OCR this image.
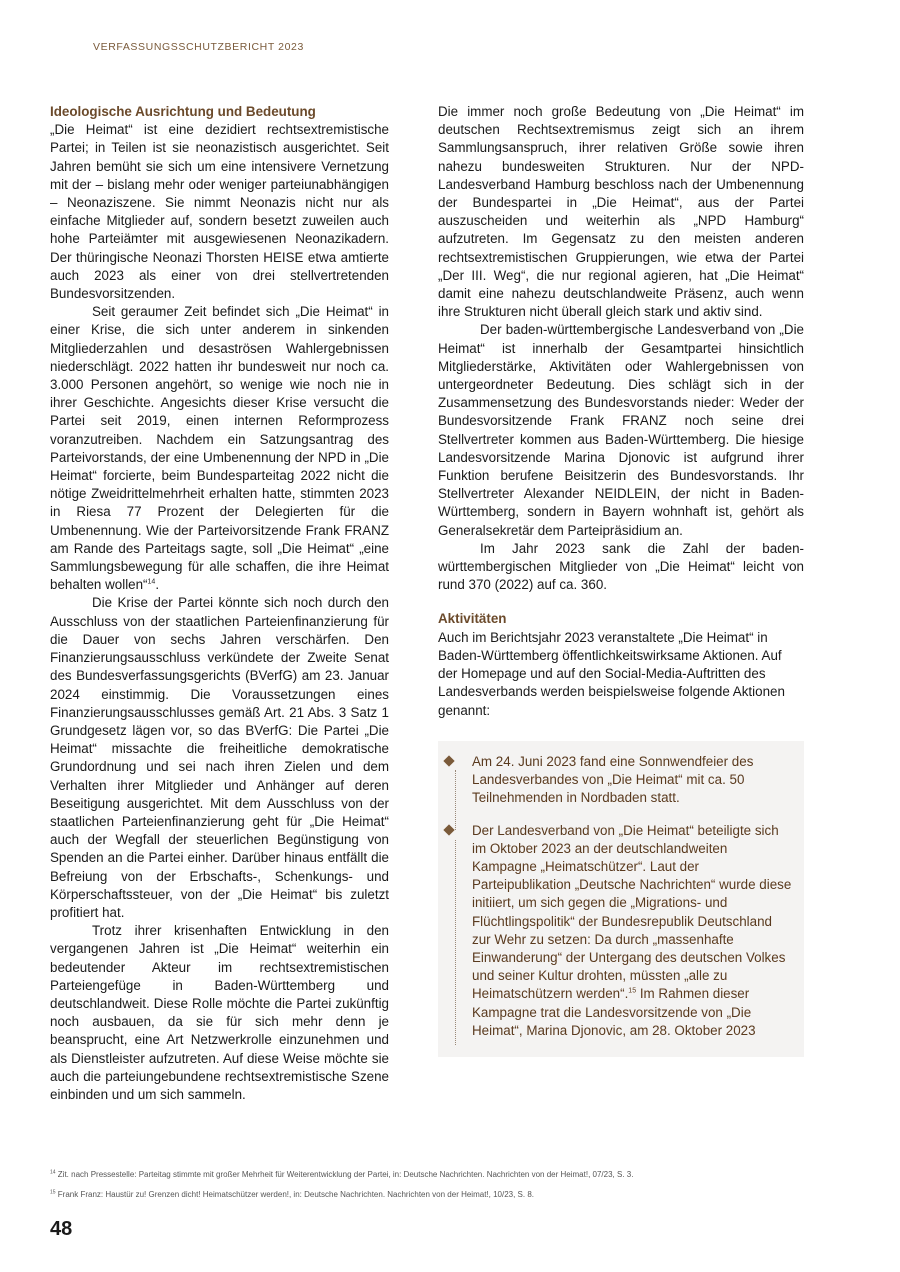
VERFASSUNGSSCHUTZBERICHT 2023

Ideologische Ausrichtung und Bedeutung

„Die Heimat“ ist eine dezidiert rechtsextremistische Partei; in Teilen ist sie neonazistisch ausgerichtet. Seit Jahren bemüht sie sich um eine intensivere Vernetzung mit der – bislang mehr oder weniger parteiunabhängigen – Neonaziszene. Sie nimmt Neonazis nicht nur als einfache Mitglieder auf, sondern besetzt zuweilen auch hohe Parteiämter mit ausgewiesenen Neonazikadern. Der thüringische Neonazi Thorsten HEISE etwa amtierte auch 2023 als einer von drei stellvertretenden Bundesvorsitzenden.

Seit geraumer Zeit befindet sich „Die Heimat“ in einer Krise, die sich unter anderem in sinkenden Mitgliederzahlen und desaströsen Wahlergebnissen niederschlägt. 2022 hatten ihr bundesweit nur noch ca. 3.000 Personen angehört, so wenige wie noch nie in ihrer Geschichte. Angesichts dieser Krise versucht die Partei seit 2019, einen internen Reformprozess voranzutreiben. Nachdem ein Satzungsantrag des Parteivorstands, der eine Umbenennung der NPD in „Die Heimat“ forcierte, beim Bundesparteitag 2022 nicht die nötige Zweidrittelmehrheit erhalten hatte, stimmten 2023 in Riesa 77 Prozent der Delegierten für die Umbenennung. Wie der Parteivorsitzende Frank FRANZ am Rande des Parteitags sagte, soll „Die Heimat“ „eine Sammlungsbewegung für alle schaffen, die ihre Heimat behalten wollen“$^{14}$.

Die Krise der Partei könnte sich noch durch den Ausschluss von der staatlichen Parteienfinanzierung für die Dauer von sechs Jahren verschärfen. Den Finanzierungsausschluss verkündete der Zweite Senat des Bundesverfassungsgerichts (BVerfG) am 23. Januar 2024 einstimmig. Die Voraussetzungen eines Finanzierungsausschlusses gemäß Art. 21 Abs. 3 Satz 1 Grundgesetz lägen vor, so das BVerfG: Die Partei „Die Heimat“ missachte die freiheitliche demokratische Grundordnung und sei nach ihren Zielen und dem Verhalten ihrer Mitglieder und Anhänger auf deren Beseitigung ausgerichtet. Mit dem Ausschluss von der staatlichen Parteienfinanzierung geht für „Die Heimat“ auch der Wegfall der steuerlichen Begünstigung von Spenden an die Partei einher. Darüber hinaus entfällt die Befreiung von der Erbschafts-, Schenkungs- und Körperschaftssteuer, von der „Die Heimat“ bis zuletzt profitiert hat.

Trotz ihrer krisenhaften Entwicklung in den vergangenen Jahren ist „Die Heimat“ weiterhin ein bedeutender Akteur im rechtsextremistischen Parteiengefüge in Baden-Württemberg und deutschlandweit. Diese Rolle möchte die Partei zukünftig noch ausbauen, da sie für sich mehr denn je beansprucht, eine Art Netzwerkrolle einzunehmen und als Dienstleister aufzutreten. Auf diese Weise möchte sie auch die parteiungebundene rechtsextremistische Szene einbinden und um sich sammeln.

Die immer noch große Bedeutung von „Die Heimat“ im deutschen Rechtsextremismus zeigt sich an ihrem Sammlungsanspruch, ihrer relativen Größe sowie ihren nahezu bundesweiten Strukturen. Nur der NPD-Landesverband Hamburg beschloss nach der Umbenennung der Bundespartei in „Die Heimat“, aus der Partei auszuscheiden und weiterhin als „NPD Hamburg“ aufzutreten. Im Gegensatz zu den meisten anderen rechtsextremistischen Gruppierungen, wie etwa der Partei „Der III. Weg“, die nur regional agieren, hat „Die Heimat“ damit eine nahezu deutschlandweite Präsenz, auch wenn ihre Strukturen nicht überall gleich stark und aktiv sind.

Der baden-württembergische Landesverband von „Die Heimat“ ist innerhalb der Gesamtpartei hinsichtlich Mitgliederstärke, Aktivitäten oder Wahlergebnissen von untergeordneter Bedeutung. Dies schlägt sich in der Zusammensetzung des Bundesvorstands nieder: Weder der Bundesvorsitzende Frank FRANZ noch seine drei Stellvertreter kommen aus Baden-Württemberg. Die hiesige Landesvorsitzende Marina Djonovic ist aufgrund ihrer Funktion berufene Beisitzerin des Bundesvorstands. Ihr Stellvertreter Alexander NEIDLEIN, der nicht in Baden-Württemberg, sondern in Bayern wohnhaft ist, gehört als Generalsekretär dem Parteipräsidium an.

Im Jahr 2023 sank die Zahl der baden-württembergischen Mitglieder von „Die Heimat“ leicht von rund 370 (2022) auf ca. 360.

Aktivitäten

Auch im Berichtsjahr 2023 veranstaltete „Die Heimat“ in Baden-Württemberg öffentlichkeitswirksame Aktionen. Auf der Homepage und auf den Social-Media-Auftritten des Landesverbands werden beispielsweise folgende Aktionen genannt:

Am 24. Juni 2023 fand eine Sonnwendfeier des Landesverbandes von „Die Heimat“ mit ca. 50 Teilnehmenden in Nordbaden statt.

Der Landesverband von „Die Heimat“ beteiligte sich im Oktober 2023 an der deutschlandweiten Kampagne „Heimatschützer“. Laut der Parteipublikation „Deutsche Nachrichten“ wurde diese initiiert, um sich gegen die „Migrations- und Flüchtlingspolitik“ der Bundesrepublik Deutschland zur Wehr zu setzen: Da durch „massenhafte Einwanderung“ der Untergang des deutschen Volkes und seiner Kultur drohten, müssten „alle zu Heimatschützern werden“.$^{15}$ Im Rahmen dieser Kampagne trat die Landesvorsitzende von „Die Heimat“, Marina Djonovic, am 28. Oktober 2023

$^{14}$ Zit. nach Pressestelle: Parteitag stimmte mit großer Mehrheit für Weiterentwicklung der Partei, in: Deutsche Nachrichten. Nachrichten von der Heimat!, 07/23, S. 3.
$^{15}$ Frank Franz: Haustür zu! Grenzen dicht! Heimatschützer werden!, in: Deutsche Nachrichten. Nachrichten von der Heimat!, 10/23, S. 8.
48
